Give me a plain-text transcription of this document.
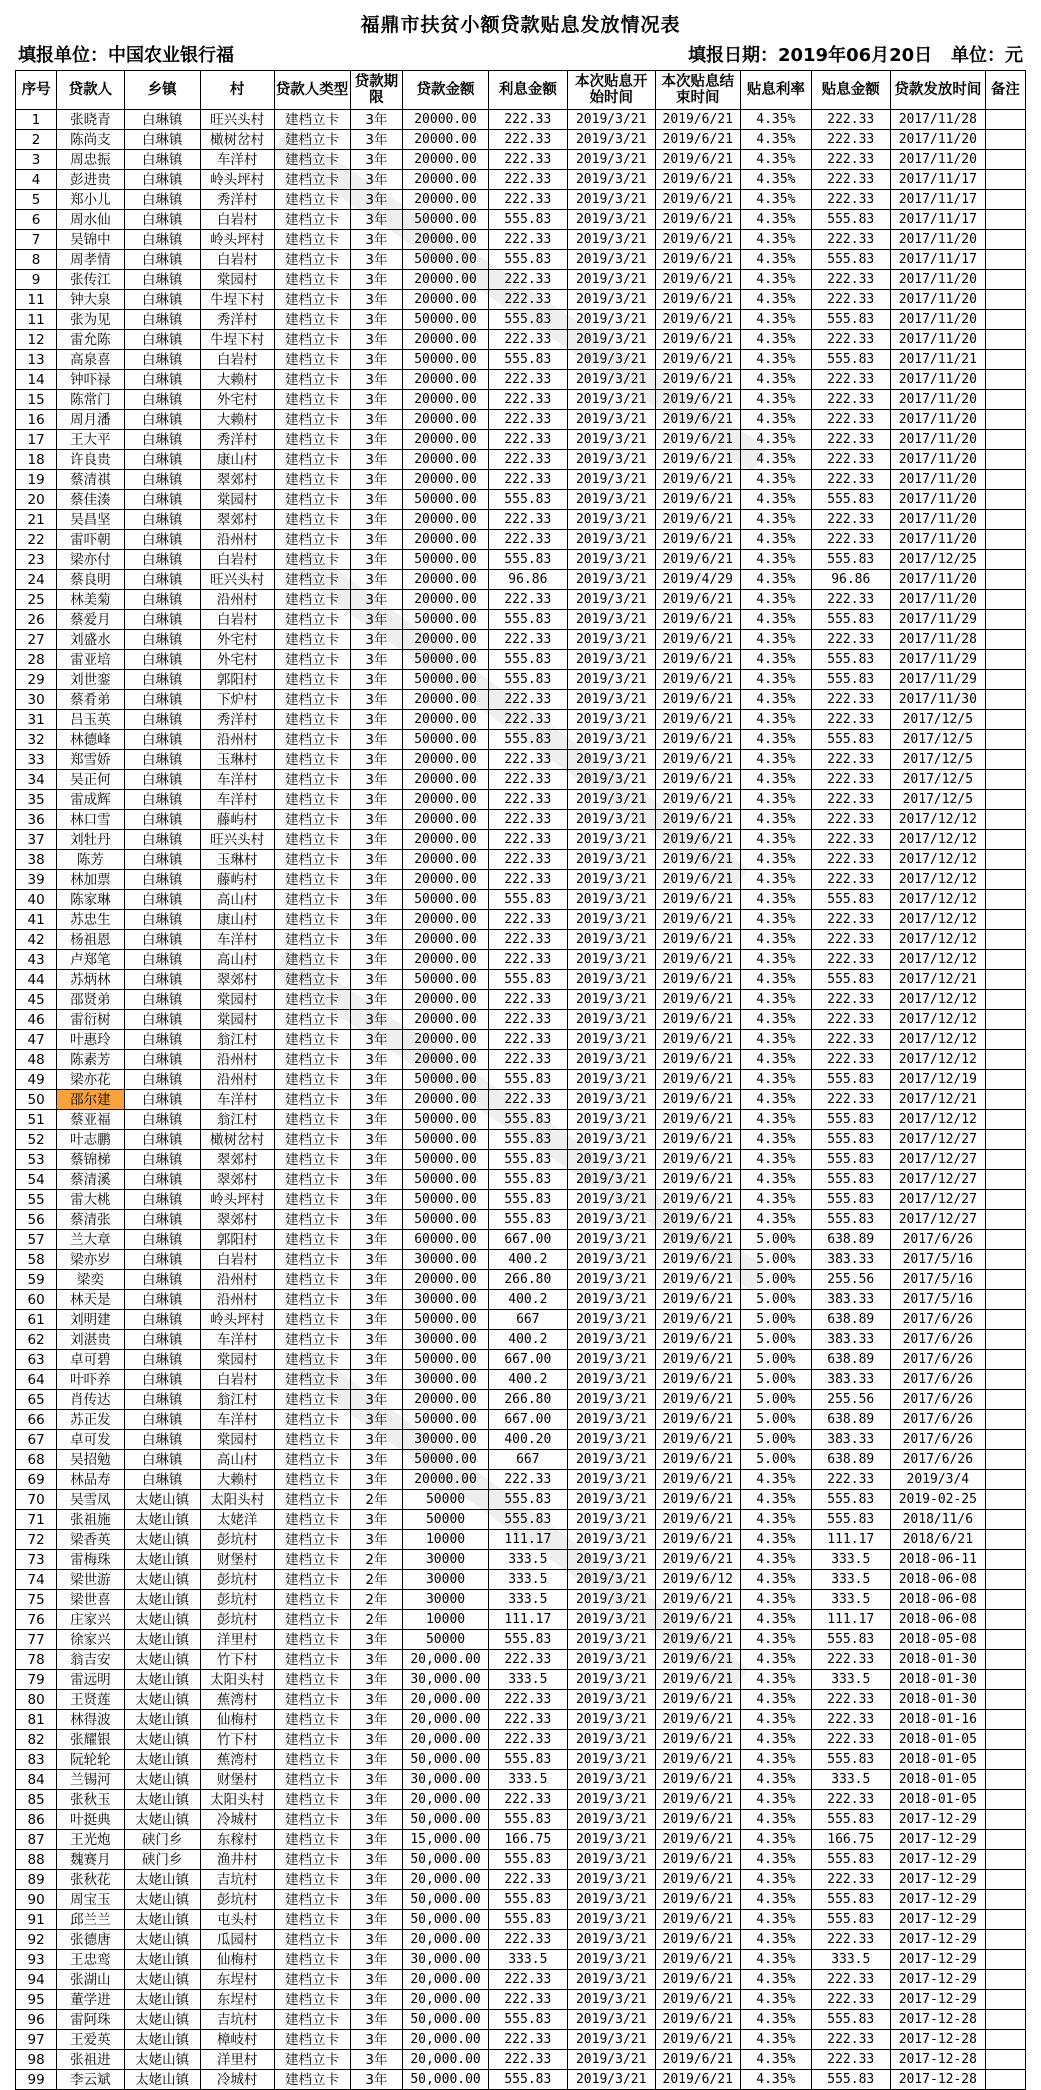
福鼎市扶贫小额贷款贴息发放情况表
填报单位：中国农业银行福	填报日期：2019年06月20日 单位：元
序号	贷款人	乡镇	村	贷款人类型	贷款期限	贷款金额	利息金额	本次贴息开始时间	本次贴息结束时间	贴息利率	贴息金额	贷款发放时间	备注
1	张晓青	白琳镇	旺兴头村	建档立卡	3年	20000.00	222.33	2019/3/21	2019/6/21	4.35%	222.33	2017/11/28	
2	陈尚支	白琳镇	橄树岔村	建档立卡	3年	20000.00	222.33	2019/3/21	2019/6/21	4.35%	222.33	2017/11/20	
3	周忠振	白琳镇	车洋村	建档立卡	3年	20000.00	222.33	2019/3/21	2019/6/21	4.35%	222.33	2017/11/20	
4	彭进贵	白琳镇	岭头坪村	建档立卡	3年	20000.00	222.33	2019/3/21	2019/6/21	4.35%	222.33	2017/11/17	
5	郑小儿	白琳镇	秀洋村	建档立卡	3年	20000.00	222.33	2019/3/21	2019/6/21	4.35%	222.33	2017/11/17	
6	周水仙	白琳镇	白岩村	建档立卡	3年	50000.00	555.83	2019/3/21	2019/6/21	4.35%	555.83	2017/11/17	
7	吴锦中	白琳镇	岭头坪村	建档立卡	3年	20000.00	222.33	2019/3/21	2019/6/21	4.35%	222.33	2017/11/20	
8	周孝情	白琳镇	白岩村	建档立卡	3年	50000.00	555.83	2019/3/21	2019/6/21	4.35%	555.83	2017/11/17	
9	张传江	白琳镇	棠园村	建档立卡	3年	20000.00	222.33	2019/3/21	2019/6/21	4.35%	222.33	2017/11/20	
11	钟大泉	白琳镇	牛埕下村	建档立卡	3年	20000.00	222.33	2019/3/21	2019/6/21	4.35%	222.33	2017/11/20	
11	张为见	白琳镇	秀洋村	建档立卡	3年	50000.00	555.83	2019/3/21	2019/6/21	4.35%	555.83	2017/11/20	
12	雷允陈	白琳镇	牛埕下村	建档立卡	3年	20000.00	222.33	2019/3/21	2019/6/21	4.35%	222.33	2017/11/20	
13	高泉喜	白琳镇	白岩村	建档立卡	3年	50000.00	555.83	2019/3/21	2019/6/21	4.35%	555.83	2017/11/21	
14	钟吓禄	白琳镇	大赖村	建档立卡	3年	20000.00	222.33	2019/3/21	2019/6/21	4.35%	222.33	2017/11/20	
15	陈常门	白琳镇	外宅村	建档立卡	3年	20000.00	222.33	2019/3/21	2019/6/21	4.35%	222.33	2017/11/20	
16	周月潘	白琳镇	大赖村	建档立卡	3年	20000.00	222.33	2019/3/21	2019/6/21	4.35%	222.33	2017/11/20	
17	王大平	白琳镇	秀洋村	建档立卡	3年	20000.00	222.33	2019/3/21	2019/6/21	4.35%	222.33	2017/11/20	
18	许良贵	白琳镇	康山村	建档立卡	3年	20000.00	222.33	2019/3/21	2019/6/21	4.35%	222.33	2017/11/20	
19	蔡清祺	白琳镇	翠郊村	建档立卡	3年	20000.00	222.33	2019/3/21	2019/6/21	4.35%	222.33	2017/11/20	
20	蔡佳湊	白琳镇	棠园村	建档立卡	3年	50000.00	555.83	2019/3/21	2019/6/21	4.35%	555.83	2017/11/20	
21	吴昌坚	白琳镇	翠郊村	建档立卡	3年	20000.00	222.33	2019/3/21	2019/6/21	4.35%	222.33	2017/11/20	
22	雷吓朝	白琳镇	沿州村	建档立卡	3年	20000.00	222.33	2019/3/21	2019/6/21	4.35%	222.33	2017/11/20	
23	梁亦付	白琳镇	白岩村	建档立卡	3年	50000.00	555.83	2019/3/21	2019/6/21	4.35%	555.83	2017/12/25	
24	蔡良明	白琳镇	旺兴头村	建档立卡	3年	20000.00	96.86	2019/3/21	2019/4/29	4.35%	96.86	2017/11/20	
25	林美菊	白琳镇	沿州村	建档立卡	3年	20000.00	222.33	2019/3/21	2019/6/21	4.35%	222.33	2017/11/20	
26	蔡爱月	白琳镇	白岩村	建档立卡	3年	50000.00	555.83	2019/3/21	2019/6/21	4.35%	555.83	2017/11/29	
27	刘盛水	白琳镇	外宅村	建档立卡	3年	20000.00	222.33	2019/3/21	2019/6/21	4.35%	222.33	2017/11/28	
28	雷亚培	白琳镇	外宅村	建档立卡	3年	50000.00	555.83	2019/3/21	2019/6/21	4.35%	555.83	2017/11/29	
29	刘世銮	白琳镇	郭阳村	建档立卡	3年	50000.00	555.83	2019/3/21	2019/6/21	4.35%	555.83	2017/11/29	
30	蔡肴弟	白琳镇	下炉村	建档立卡	3年	20000.00	222.33	2019/3/21	2019/6/21	4.35%	222.33	2017/11/30	
31	吕玉英	白琳镇	秀洋村	建档立卡	3年	20000.00	222.33	2019/3/21	2019/6/21	4.35%	222.33	2017/12/5	
32	林德峰	白琳镇	沿州村	建档立卡	3年	50000.00	555.83	2019/3/21	2019/6/21	4.35%	555.83	2017/12/5	
33	郑雪娇	白琳镇	玉琳村	建档立卡	3年	20000.00	222.33	2019/3/21	2019/6/21	4.35%	222.33	2017/12/5	
34	吴正何	白琳镇	车洋村	建档立卡	3年	20000.00	222.33	2019/3/21	2019/6/21	4.35%	222.33	2017/12/5	
35	雷成辉	白琳镇	车洋村	建档立卡	3年	20000.00	222.33	2019/3/21	2019/6/21	4.35%	222.33	2017/12/5	
36	林口雪	白琳镇	藤屿村	建档立卡	3年	20000.00	222.33	2019/3/21	2019/6/21	4.35%	222.33	2017/12/12	
37	刘牡丹	白琳镇	旺兴头村	建档立卡	3年	20000.00	222.33	2019/3/21	2019/6/21	4.35%	222.33	2017/12/12	
38	陈芳	白琳镇	玉琳村	建档立卡	3年	20000.00	222.33	2019/3/21	2019/6/21	4.35%	222.33	2017/12/12	
39	林加票	白琳镇	藤屿村	建档立卡	3年	20000.00	222.33	2019/3/21	2019/6/21	4.35%	222.33	2017/12/12	
40	陈家琳	白琳镇	高山村	建档立卡	3年	50000.00	555.83	2019/3/21	2019/6/21	4.35%	555.83	2017/12/12	
41	苏忠生	白琳镇	康山村	建档立卡	3年	20000.00	222.33	2019/3/21	2019/6/21	4.35%	222.33	2017/12/12	
42	杨祖恩	白琳镇	车洋村	建档立卡	3年	20000.00	222.33	2019/3/21	2019/6/21	4.35%	222.33	2017/12/12	
43	卢郑笔	白琳镇	高山村	建档立卡	3年	20000.00	222.33	2019/3/21	2019/6/21	4.35%	222.33	2017/12/12	
44	苏炳林	白琳镇	翠郊村	建档立卡	3年	50000.00	555.83	2019/3/21	2019/6/21	4.35%	555.83	2017/12/21	
45	邵贤弟	白琳镇	棠园村	建档立卡	3年	20000.00	222.33	2019/3/21	2019/6/21	4.35%	222.33	2017/12/12	
46	雷衍树	白琳镇	棠园村	建档立卡	3年	20000.00	222.33	2019/3/21	2019/6/21	4.35%	222.33	2017/12/12	
47	叶惠玲	白琳镇	翁江村	建档立卡	3年	20000.00	222.33	2019/3/21	2019/6/21	4.35%	222.33	2017/12/12	
48	陈素芳	白琳镇	沿州村	建档立卡	3年	20000.00	222.33	2019/3/21	2019/6/21	4.35%	222.33	2017/12/12	
49	梁亦花	白琳镇	沿州村	建档立卡	3年	50000.00	555.83	2019/3/21	2019/6/21	4.35%	555.83	2017/12/19	
50	邵尔建	白琳镇	车洋村	建档立卡	3年	20000.00	222.33	2019/3/21	2019/6/21	4.35%	222.33	2017/12/21	
51	蔡亚福	白琳镇	翁江村	建档立卡	3年	50000.00	555.83	2019/3/21	2019/6/21	4.35%	555.83	2017/12/12	
52	叶志鹏	白琳镇	橄树岔村	建档立卡	3年	50000.00	555.83	2019/3/21	2019/6/21	4.35%	555.83	2017/12/27	
53	蔡锦梯	白琳镇	翠郊村	建档立卡	3年	50000.00	555.83	2019/3/21	2019/6/21	4.35%	555.83	2017/12/27	
54	蔡清溪	白琳镇	翠郊村	建档立卡	3年	50000.00	555.83	2019/3/21	2019/6/21	4.35%	555.83	2017/12/27	
55	雷大桃	白琳镇	岭头坪村	建档立卡	3年	50000.00	555.83	2019/3/21	2019/6/21	4.35%	555.83	2017/12/27	
56	蔡清张	白琳镇	翠郊村	建档立卡	3年	50000.00	555.83	2019/3/21	2019/6/21	4.35%	555.83	2017/12/27	
57	兰大章	白琳镇	郭阳村	建档立卡	3年	60000.00	667.00	2019/3/21	2019/6/21	5.00%	638.89	2017/6/26	
58	梁亦岁	白琳镇	白岩村	建档立卡	3年	30000.00	400.2	2019/3/21	2019/6/21	5.00%	383.33	2017/5/16	
59	梁奕	白琳镇	沿州村	建档立卡	3年	20000.00	266.80	2019/3/21	2019/6/21	5.00%	255.56	2017/5/16	
60	林天是	白琳镇	沿州村	建档立卡	3年	30000.00	400.2	2019/3/21	2019/6/21	5.00%	383.33	2017/5/16	
61	刘明建	白琳镇	岭头坪村	建档立卡	3年	50000.00	667	2019/3/21	2019/6/21	5.00%	638.89	2017/6/26	
62	刘湛贵	白琳镇	车洋村	建档立卡	3年	30000.00	400.2	2019/3/21	2019/6/21	5.00%	383.33	2017/6/26	
63	卓可碧	白琳镇	棠园村	建档立卡	3年	50000.00	667.00	2019/3/21	2019/6/21	5.00%	638.89	2017/6/26	
64	叶吓养	白琳镇	白岩村	建档立卡	3年	30000.00	400.2	2019/3/21	2019/6/21	5.00%	383.33	2017/6/26	
65	肖传达	白琳镇	翁江村	建档立卡	3年	20000.00	266.80	2019/3/21	2019/6/21	5.00%	255.56	2017/6/26	
66	苏正发	白琳镇	车洋村	建档立卡	3年	50000.00	667.00	2019/3/21	2019/6/21	5.00%	638.89	2017/6/26	
67	卓可发	白琳镇	棠园村	建档立卡	3年	30000.00	400.20	2019/3/21	2019/6/21	5.00%	383.33	2017/6/26	
68	吴招勉	白琳镇	高山村	建档立卡	3年	50000.00	667	2019/3/21	2019/6/21	5.00%	638.89	2017/6/26	
69	林品寿	白琳镇	大赖村	建档立卡	3年	20000.00	222.33	2019/3/21	2019/6/21	4.35%	222.33	2019/3/4	
70	吴雪凤	太姥山镇	太阳头村	建档立卡	2年	50000	555.83	2019/3/21	2019/6/21	4.35%	555.83	2019-02-25	
71	张祖施	太姥山镇	太姥洋	建档立卡	3年	50000	555.83	2019/3/21	2019/6/21	4.35%	555.83	2018/11/6	
72	梁香英	太姥山镇	彭坑村	建档立卡	3年	10000	111.17	2019/3/21	2019/6/21	4.35%	111.17	2018/6/21	
73	雷梅珠	太姥山镇	财堡村	建档立卡	2年	30000	333.5	2019/3/21	2019/6/21	4.35%	333.5	2018-06-11	
74	梁世游	太姥山镇	彭坑村	建档立卡	2年	30000	333.5	2019/3/21	2019/6/12	4.35%	333.5	2018-06-08	
75	梁世喜	太姥山镇	彭坑村	建档立卡	2年	30000	333.5	2019/3/21	2019/6/21	4.35%	333.5	2018-06-08	
76	庄家兴	太姥山镇	彭坑村	建档立卡	2年	10000	111.17	2019/3/21	2019/6/21	4.35%	111.17	2018-06-08	
77	徐家兴	太姥山镇	洋里村	建档立卡	3年	50000	555.83	2019/3/21	2019/6/21	4.35%	555.83	2018-05-08	
78	翁吉安	太姥山镇	竹下村	建档立卡	3年	20,000.00	222.33	2019/3/21	2019/6/21	4.35%	222.33	2018-01-30	
79	雷远明	太姥山镇	太阳头村	建档立卡	3年	30,000.00	333.5	2019/3/21	2019/6/21	4.35%	333.5	2018-01-30	
80	王贤莲	太姥山镇	蕉湾村	建档立卡	3年	20,000.00	222.33	2019/3/21	2019/6/21	4.35%	222.33	2018-01-30	
81	林得波	太姥山镇	仙梅村	建档立卡	3年	20,000.00	222.33	2019/3/21	2019/6/21	4.35%	222.33	2018-01-16	
82	张耀银	太姥山镇	竹下村	建档立卡	3年	20,000.00	222.33	2019/3/21	2019/6/21	4.35%	222.33	2018-01-05	
83	阮轮轮	太姥山镇	蕉湾村	建档立卡	3年	50,000.00	555.83	2019/3/21	2019/6/21	4.35%	555.83	2018-01-05	
84	兰锡河	太姥山镇	财堡村	建档立卡	3年	30,000.00	333.5	2019/3/21	2019/6/21	4.35%	333.5	2018-01-05	
85	张秋玉	太姥山镇	太阳头村	建档立卡	3年	20,000.00	222.33	2019/3/21	2019/6/21	4.35%	222.33	2018-01-05	
86	叶挺典	太姥山镇	冷城村	建档立卡	3年	50,000.00	555.83	2019/3/21	2019/6/21	4.35%	555.83	2017-12-29	
87	王光炮	硖门乡	东稼村	建档立卡	3年	15,000.00	166.75	2019/3/21	2019/6/21	4.35%	166.75	2017-12-29	
88	魏赛月	硖门乡	渔井村	建档立卡	3年	50,000.00	555.83	2019/3/21	2019/6/21	4.35%	555.83	2017-12-29	
89	张秋花	太姥山镇	吉坑村	建档立卡	3年	20,000.00	222.33	2019/3/21	2019/6/21	4.35%	222.33	2017-12-29	
90	周宝玉	太姥山镇	彭坑村	建档立卡	3年	50,000.00	555.83	2019/3/21	2019/6/21	4.35%	555.83	2017-12-29	
91	邱兰兰	太姥山镇	屯头村	建档立卡	3年	50,000.00	555.83	2019/3/21	2019/6/21	4.35%	555.83	2017-12-29	
92	张德唐	太姥山镇	瓜园村	建档立卡	3年	20,000.00	222.33	2019/3/21	2019/6/21	4.35%	222.33	2017-12-29	
93	王忠鸾	太姥山镇	仙梅村	建档立卡	3年	30,000.00	333.5	2019/3/21	2019/6/21	4.35%	333.5	2017-12-29	
94	张湖山	太姥山镇	东埕村	建档立卡	3年	20,000.00	222.33	2019/3/21	2019/6/21	4.35%	222.33	2017-12-29	
95	董学进	太姥山镇	东埕村	建档立卡	3年	20,000.00	222.33	2019/3/21	2019/6/21	4.35%	222.33	2017-12-29	
96	雷阿珠	太姥山镇	吉坑村	建档立卡	3年	50,000.00	555.83	2019/3/21	2019/6/21	4.35%	555.83	2017-12-28	
97	王爱英	太姥山镇	樟岐村	建档立卡	3年	20,000.00	222.33	2019/3/21	2019/6/21	4.35%	222.33	2017-12-28	
98	张祖进	太姥山镇	洋里村	建档立卡	3年	20,000.00	222.33	2019/3/21	2019/6/21	4.35%	222.33	2017-12-28	
99	李云斌	太姥山镇	冷城村	建档立卡	3年	50,000.00	555.83	2019/3/21	2019/6/21	4.35%	555.83	2017-12-28	
